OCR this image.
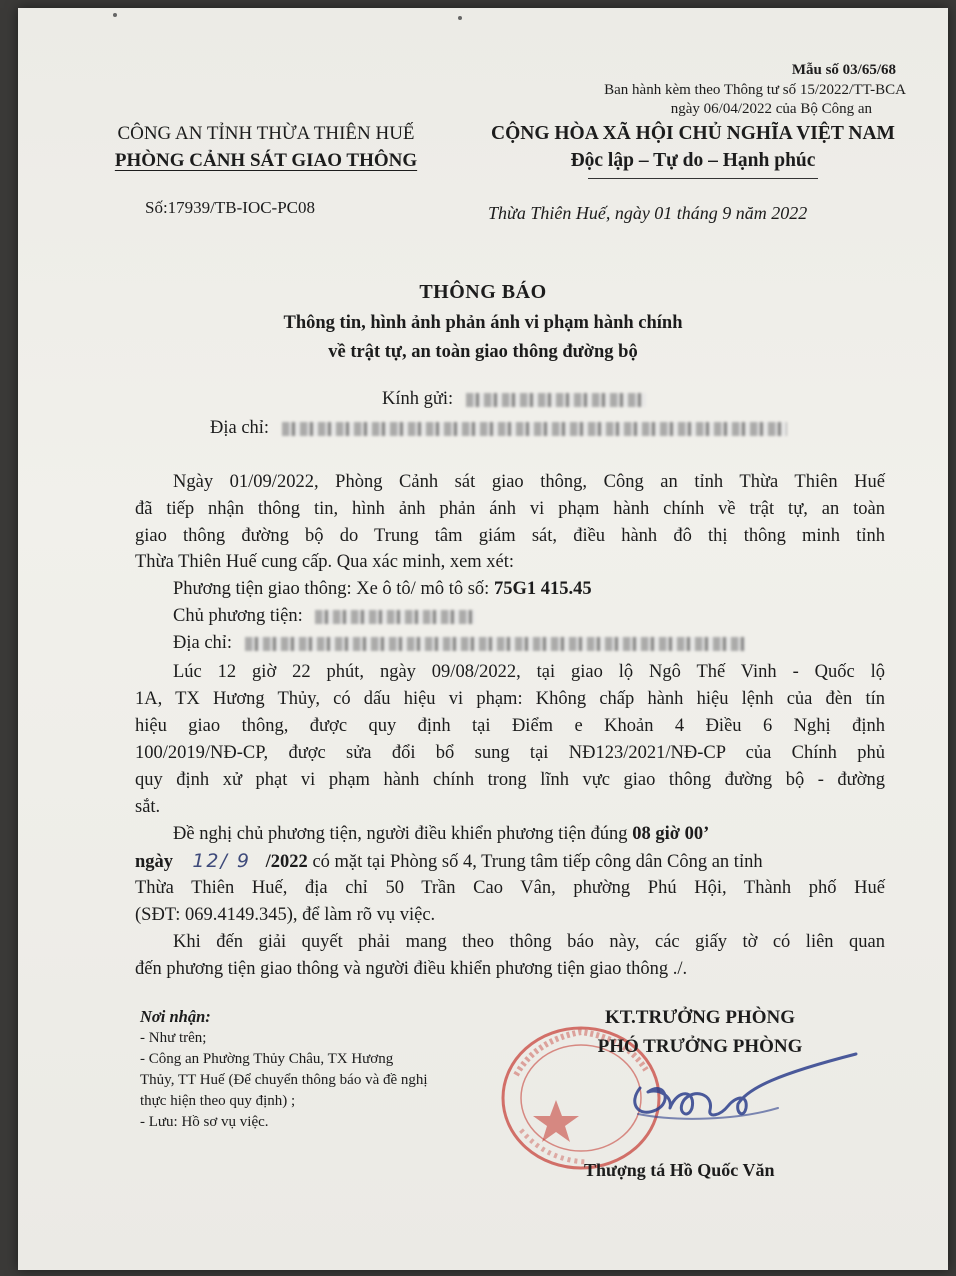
Mẫu số 03/65/68
Ban hành kèm theo Thông tư số 15/2022/TT-BCA
ngày 06/04/2022 của Bộ Công an
CÔNG AN TỈNH THỪA THIÊN HUẾ
PHÒNG CẢNH SÁT GIAO THÔNG
CỘNG HÒA XÃ HỘI CHỦ NGHĨA VIỆT NAM
Độc lập – Tự do – Hạnh phúc
Số:17939/TB-IOC-PC08	Thừa Thiên Huế, ngày 01 tháng 9 năm 2022
THÔNG BÁO
Thông tin, hình ảnh phản ánh vi phạm hành chính
về trật tự, an toàn giao thông đường bộ
Kính gửi:
Địa chỉ:
Ngày 01/09/2022, Phòng Cảnh sát giao thông, Công an tỉnh Thừa Thiên Huế
đã tiếp nhận thông tin, hình ảnh phản ánh vi phạm hành chính về trật tự, an toàn
giao thông đường bộ do Trung tâm giám sát, điều hành đô thị thông minh tỉnh
Thừa Thiên Huế cung cấp. Qua xác minh, xem xét:
Phương tiện giao thông: Xe ô tô/ mô tô số: 75G1 415.45
Chủ phương tiện:
Địa chỉ:
Lúc 12 giờ 22 phút, ngày 09/08/2022, tại giao lộ Ngô Thế Vinh - Quốc lộ
1A, TX Hương Thủy, có dấu hiệu vi phạm: Không chấp hành hiệu lệnh của đèn tín
hiệu giao thông, được quy định tại Điểm e Khoản 4 Điều 6 Nghị định
100/2019/NĐ-CP, được sửa đổi bổ sung tại NĐ123/2021/NĐ-CP của Chính phủ
quy định xử phạt vi phạm hành chính trong lĩnh vực giao thông đường bộ - đường
sắt.
Đề nghị chủ phương tiện, người điều khiển phương tiện đúng 08 giờ 00’
ngày 12/ 9 /2022 có mặt tại Phòng số 4, Trung tâm tiếp công dân Công an tỉnh
Thừa Thiên Huế, địa chỉ 50 Trần Cao Vân, phường Phú Hội, Thành phố Huế
(SĐT: 069.4149.345), để làm rõ vụ việc.
Khi đến giải quyết phải mang theo thông báo này, các giấy tờ có liên quan
đến phương tiện giao thông và người điều khiển phương tiện giao thông ./.
Nơi nhận:
- Như trên;
- Công an Phường Thủy Châu, TX Hương
Thủy, TT Huế (Để chuyển thông báo và đề nghị
thực hiện theo quy định) ;
- Lưu: Hồ sơ vụ việc.
KT.TRƯỞNG PHÒNG
PHÓ TRƯỞNG PHÒNG
Thượng tá Hồ Quốc Văn
